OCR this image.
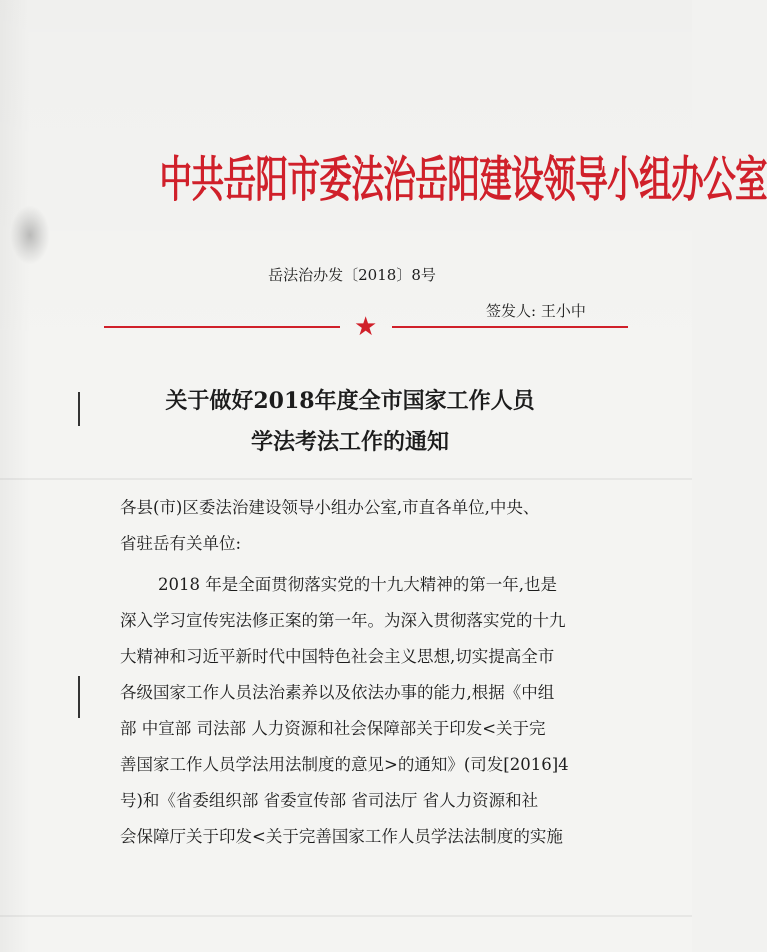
中共岳阳市委法治岳阳建设领导小组办公室
岳法治办发〔2018〕8号
签发人: 王小中
★
关于做好2018年度全市国家工作人员
学法考法工作的通知
各县(市)区委法治建设领导小组办公室,市直各单位,中央、
省驻岳有关单位:
2018 年是全面贯彻落实党的十九大精神的第一年,也是
深入学习宣传宪法修正案的第一年。为深入贯彻落实党的十九
大精神和习近平新时代中国特色社会主义思想,切实提高全市
各级国家工作人员法治素养以及依法办事的能力,根据《中组
部 中宣部 司法部 人力资源和社会保障部关于印发<关于完
善国家工作人员学法用法制度的意见>的通知》(司发[2016]4
号)和《省委组织部 省委宣传部 省司法厅 省人力资源和社
会保障厅关于印发<关于完善国家工作人员学法法制度的实施
